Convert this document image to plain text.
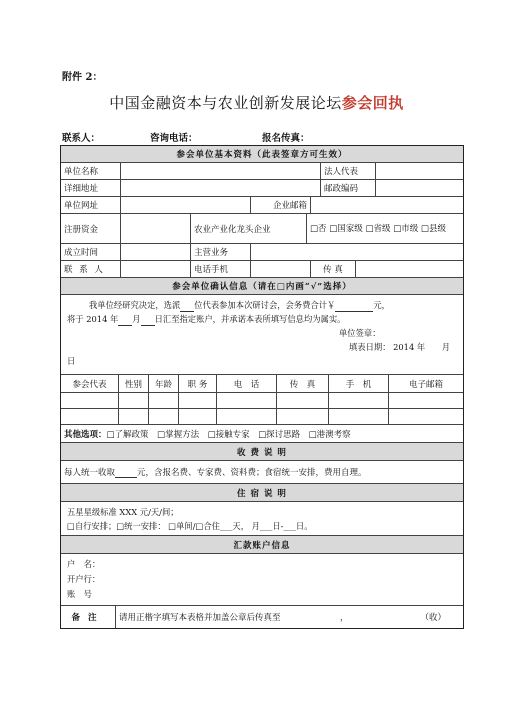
附件 2：
中国金融资本与农业创新发展论坛参会回执
联系人：	咨询电话：	报名传真：
参会单位基本资料（此表签章方可生效）
单位名称	法人代表
详细地址	邮政编码
单位网址	企业邮箱
注册资金	农业产业化龙头企业	□否 □国家级 □省级 □市级 □县级
成立时间	主营业务
联 系 人	电话手机	传 真
参会单位确认信息（请在□内画“√”选择）
我单位经研究决定，选派 位代表参加本次研讨会，会务费合计￥	元，
将于 2014 年 月 日汇至指定账户，并承诺本表所填写信息均为属实。
单位签章：
填表日期： 2014 年　　月
日
参会代表	性别	年龄	职 务	电　话	传　真	手　机	电子邮箱
其他选项： □了解政策　□掌握方法　□接触专家　□探讨思路　□港澳考察
收 费 说 明
每人统一收取	元，含报名费、专家费、资料费；食宿统一安排，费用自理。
住 宿 说 明
五星星级标准 XXX 元/天/间；
□自行安排；□统一安排： □单间/□合住___天， 月___日-___日。
汇款账户信息
户　名：
开户行：
账　号
备注	请用正楷字填写本表格并加盖公章后传真至　　　　　　　，	（收）
